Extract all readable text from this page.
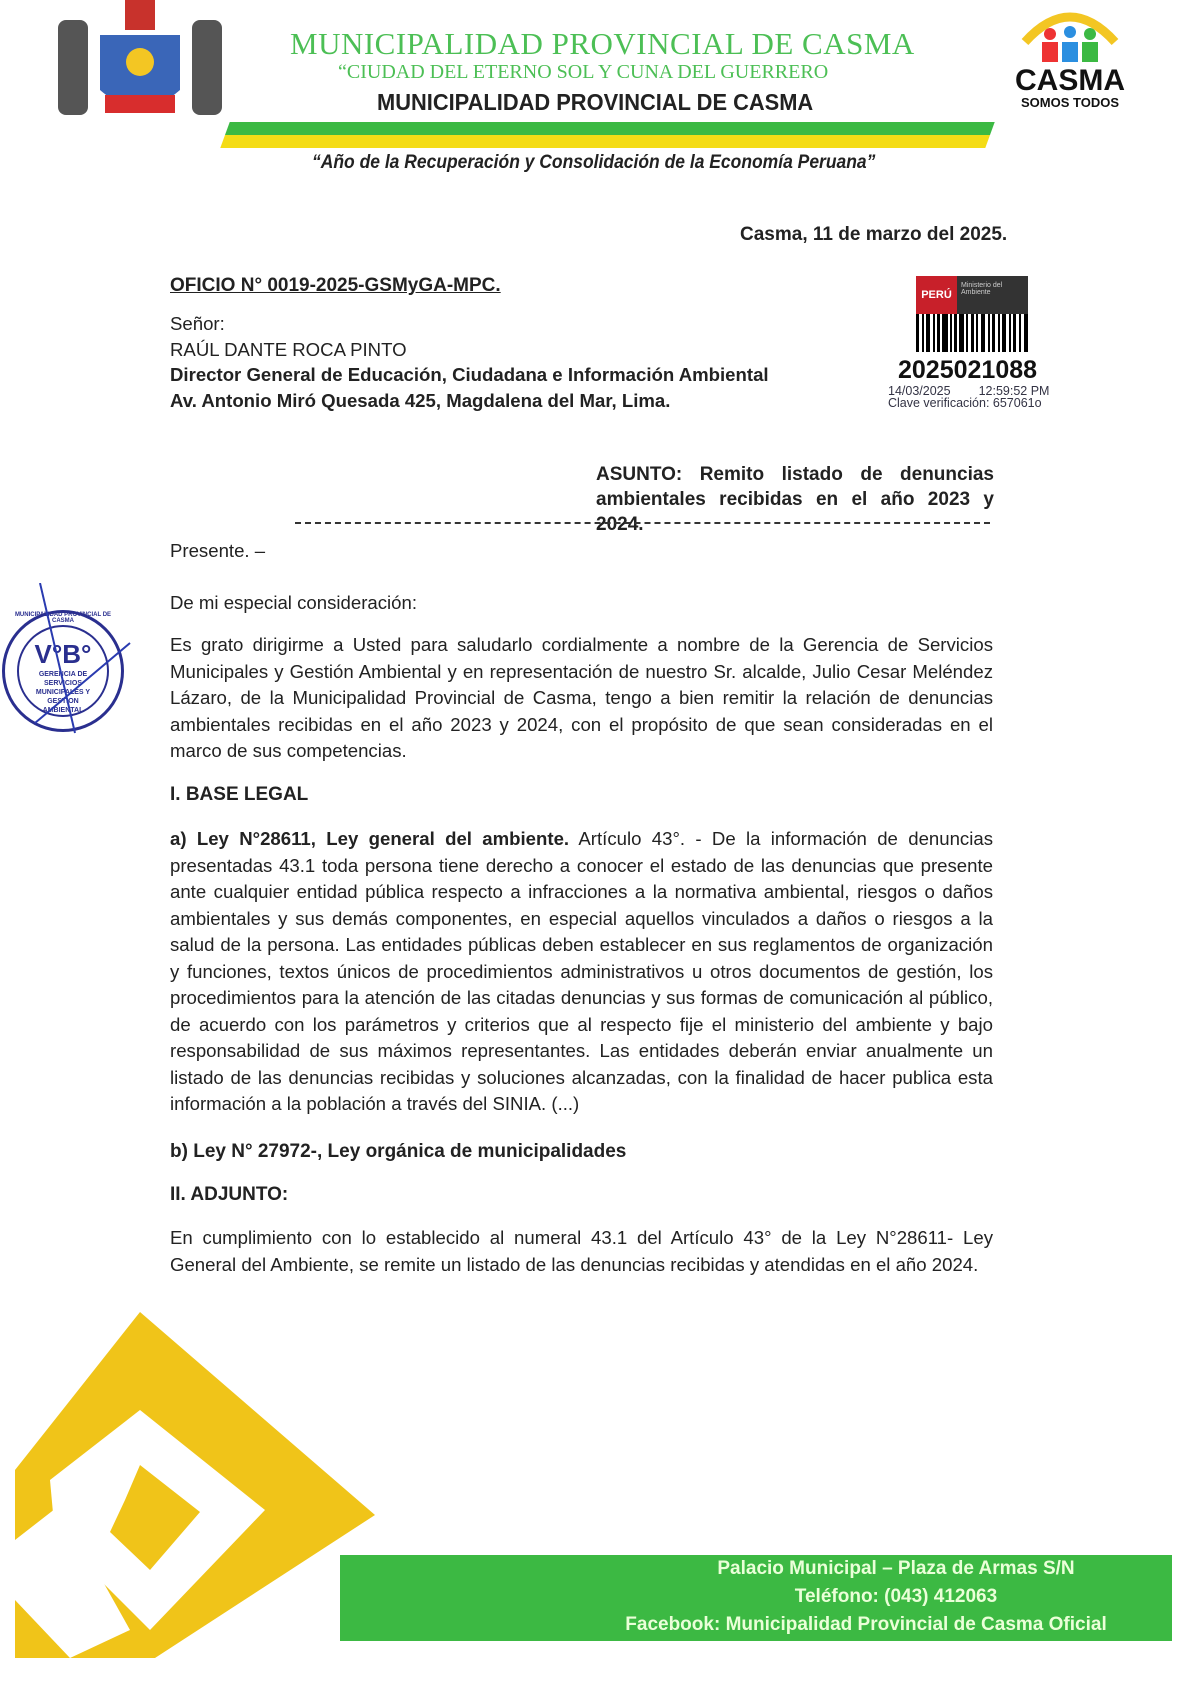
MUNICIPALIDAD PROVINCIAL DE CASMA
“CIUDAD DEL ETERNO SOL Y CUNA DEL GUERRERO
MUNICIPALIDAD PROVINCIAL DE CASMA
CASMA
SOMOS TODOS
“Año de la Recuperación y Consolidación de la Economía Peruana”
Casma, 11 de marzo del 2025.
OFICIO N° 0019-2025-GSMyGA-MPC.
Señor:
RAÚL DANTE ROCA PINTO
Director General de Educación, Ciudadana e Información Ambiental
Av. Antonio Miró Quesada 425, Magdalena del Mar, Lima.
PERÚ
Ministerio del Ambiente
2025021088
14/03/2025 12:59:52 PM
Clave verificación: 657061o
ASUNTO: Remito listado de denuncias
ambientales recibidas en el año 2023 y 2024.
Presente. –
De mi especial consideración:
Es grato dirigirme a Usted para saludarlo cordialmente a nombre de la Gerencia de Servicios Municipales y Gestión Ambiental y en representación de nuestro Sr. alcalde, Julio Cesar Meléndez Lázaro, de la Municipalidad Provincial de Casma, tengo a bien remitir la relación de denuncias ambientales recibidas en el año 2023 y 2024, con el propósito de que sean consideradas en el marco de sus competencias.
I. BASE LEGAL
a) Ley N°28611, Ley general del ambiente. Artículo 43°. - De la información de denuncias presentadas 43.1 toda persona tiene derecho a conocer el estado de las denuncias que presente ante cualquier entidad pública respecto a infracciones a la normativa ambiental, riesgos o daños ambientales y sus demás componentes, en especial aquellos vinculados a daños o riesgos a la salud de la persona. Las entidades públicas deben establecer en sus reglamentos de organización y funciones, textos únicos de procedimientos administrativos u otros documentos de gestión, los procedimientos para la atención de las citadas denuncias y sus formas de comunicación al público, de acuerdo con los parámetros y criterios que al respecto fije el ministerio del ambiente y bajo responsabilidad de sus máximos representantes. Las entidades deberán enviar anualmente un listado de las denuncias recibidas y soluciones alcanzadas, con la finalidad de hacer publica esta información a la población a través del SINIA. (...)
b) Ley N° 27972-, Ley orgánica de municipalidades
II. ADJUNTO:
En cumplimiento con lo establecido al numeral 43.1 del Artículo 43° de la Ley N°28611- Ley General del Ambiente, se remite un listado de las denuncias recibidas y atendidas en el año 2024.
MUNICIPALIDAD PROVINCIAL DE CASMA
V°B°
GERENCIA DE SERVICIOS MUNICIPALES Y GESTION AMBIENTAL
Palacio Municipal – Plaza de Armas S/N
Teléfono: (043) 412063
Facebook: Municipalidad Provincial de Casma Oficial
